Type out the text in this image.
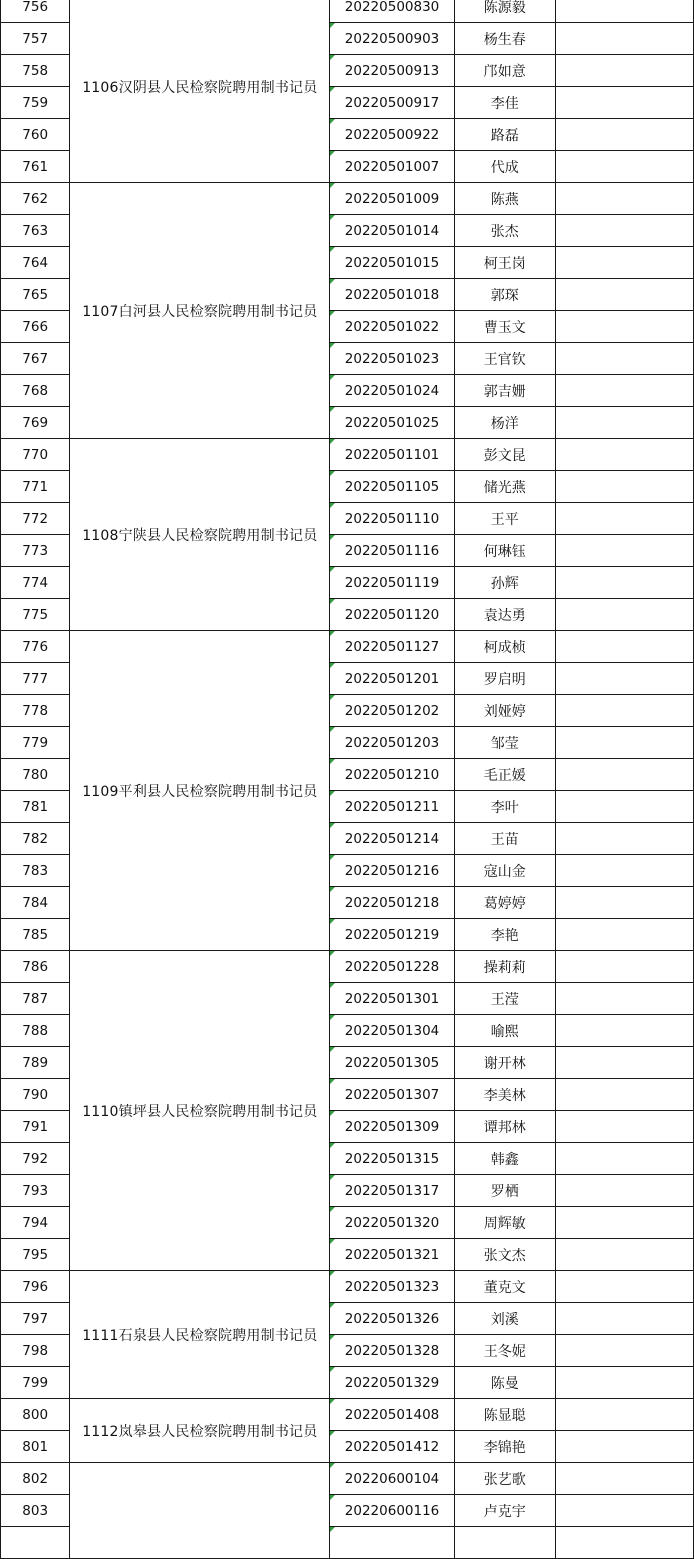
756	1106汉阴县人民检察院聘用制书记员	20220500830	陈源毅	
757		20220500903	杨生春	
758		20220500913	邝如意	
759		20220500917	李佳	
760		20220500922	路磊	
761		20220501007	代成	
762	1107白河县人民检察院聘用制书记员	20220501009	陈燕	
763		20220501014	张杰	
764		20220501015	柯王岗	
765		20220501018	郭琛	
766		20220501022	曹玉文	
767		20220501023	王官钦	
768		20220501024	郭吉姗	
769		20220501025	杨洋	
770	1108宁陕县人民检察院聘用制书记员	20220501101	彭文昆	
771		20220501105	储光燕	
772		20220501110	王平	
773		20220501116	何琳钰	
774		20220501119	孙辉	
775		20220501120	袁达勇	
776	1109平利县人民检察院聘用制书记员	20220501127	柯成桢	
777		20220501201	罗启明	
778		20220501202	刘娅婷	
779		20220501203	邹莹	
780		20220501210	毛正媛	
781		20220501211	李叶	
782		20220501214	王苗	
783		20220501216	寇山金	
784		20220501218	葛婷婷	
785		20220501219	李艳	
786	1110镇坪县人民检察院聘用制书记员	20220501228	操莉莉	
787		20220501301	王滢	
788		20220501304	喻熙	
789		20220501305	谢开林	
790		20220501307	李美林	
791		20220501309	谭邦林	
792		20220501315	韩鑫	
793		20220501317	罗栖	
794		20220501320	周辉敏	
795		20220501321	张文杰	
796	1111石泉县人民检察院聘用制书记员	20220501323	董克文	
797		20220501326	刘溪	
798		20220501328	王冬妮	
799		20220501329	陈曼	
800	1112岚皋县人民检察院聘用制书记员	20220501408	陈显聪	
801		20220501412	李锦艳	
802		20220600104	张艺歌	
803		20220600116	卢克宇	
